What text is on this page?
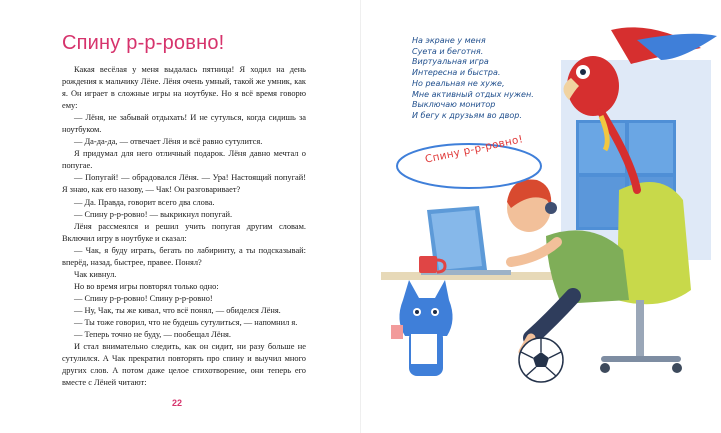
Спину р-р-ровно!

Какая весёлая у меня выдалась пятница! Я ходил на день рождения к мальчику Лёне. Лёня очень умный, такой же умник, как я. Он играет в сложные игры на ноутбуке. Но я всё время говорю ему:

— Лёня, не забывай отдыхать! И не сутулься, когда сидишь за ноутбуком.

— Да-да-да, — отвечает Лёня и всё равно сутулится.

Я придумал для него отличный подарок. Лёня давно мечтал о попугае.

— Попугай! — обрадовался Лёня. — Ура! Настоящий попугай! Я знаю, как его назову, — Чак! Он разговаривает?

— Да. Правда, говорит всего два слова.

— Спину р-р-ровно! — выкрикнул попугай.

Лёня рассмеялся и решил учить попугая другим словам. Включил игру в ноутбуке и сказал:

— Чак, я буду играть, бегать по лабиринту, а ты подсказывай: вперёд, назад, быстрее, правее. Понял?

Чак кивнул.

Но во время игры повторял только одно:

— Спину р-р-ровно! Спину р-р-ровно!

— Ну, Чак, ты же кивал, что всё понял, — обиделся Лёня.

— Ты тоже говорил, что не будешь сутулиться, — напомнил я.

— Теперь точно не буду, — пообещал Лёня.

И стал внимательно следить, как он сидит, ни разу больше не сутулился. А Чак прекратил повторять про спину и выучил много других слов. А потом даже целое стихотворение, они теперь его вместе с Лёней читают:

22
На экране у меня
Суета и беготня.
Виртуальная игра
Интересна и быстра.
Но реальная не хуже,
Мне активный отдых нужен.
Выключаю монитор
И бегу к друзьям во двор.
Спину р-р-ровно!
